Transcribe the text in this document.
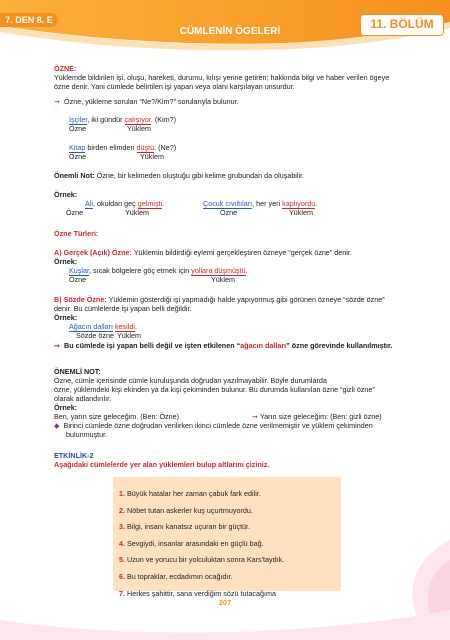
7. DEN 8. E
CÜMLENİN ÖGELERİ
11. BÖLÜM
ÖZNE:
Yüklemde bildirilen işi, oluşu, hareketi, durumu, kılışı yerine getiren; hakkında bilgi ve haber verilen ögeye
özne denir. Yani cümlede belirtilen işi yapan veya olanı karşılayan unsurdur.
➞ Özne, yükleme sorulan “Ne?/Kim?” sorularıyla bulunur.
İşçiler, iki gündür çalışıyor. (Kim?)
Özne	Yüklem
Kitap birden elimden düştü. (Ne?)
Özne	Yüklem
Önemli Not: Özne, bir kelimeden oluştuğu gibi kelime grubundan da oluşabilir.
Örnek:
Ali, okuldan geç gelmişti.	Çocuk cıvıltıları, her yeri kaplıyordu.
Özne	Yüklem	Özne	Yüklem
Özne Türleri:
A) Gerçek (Açık) Özne: Yüklemin bildirdiği eylemi gerçekleştiren özneye “gerçek özne” denir.
Örnek:
Kuşlar, sıcak bölgelere göç etmek için yollara düşmüştü.
Özne	Yüklem
B) Sözde Özne: Yüklemin gösterdiği işi yapmadığı halde yapıyormuş gibi görünen özneye “sözde özne”
denir. Bu cümlelerde işi yapan belli değildir.
Örnek:
Ağacın dalları kesildi.
Sözde özne Yüklem
➞ Bu cümlede işi yapan belli değil ve işten etkilenen “ağacın dalları” özne görevinde kullanılmıştır.
ÖNEMLİ NOT:
Özne, cümle içerisinde cümle kuruluşunda doğrudan yazılmayabilir. Böyle durumlarda
özne, yüklemdeki kişi ekinden ya da kişi çekiminden bulunur. Bu durumda kullanılan özne “gizli özne”
olarak adlandırılır.
Örnek:
Ben, yarın size geleceğim. (Ben: Özne)	➞ Yarın size geleceğim: (Ben: gizli özne)
◆ Birinci cümlede özne doğrudan verilirken ikinci cümlede özne verilmemiştir ve yüklem çekiminden
bulunmuştur.
ETKİNLİK-2
Aşağıdaki cümlelerde yer alan yüklemleri bulup altlarını çiziniz.
1. Büyük hatalar her zaman çabuk fark edilir.
2. Nöbet tutan askerler kuş uçurtmuyordu.
3. Bilgi, insanı kanatsız uçuran bir güçtür.
4. Sevgiydi, insanlar arasındaki en güçlü bağ.
5. Uzun ve yorucu bir yolculuktan sonra Kars'taydık.
6. Bu topraklar, ecdadımın ocağıdır.
7. Herkes şahittir, sana verdiğim sözü tutacağıma
207
